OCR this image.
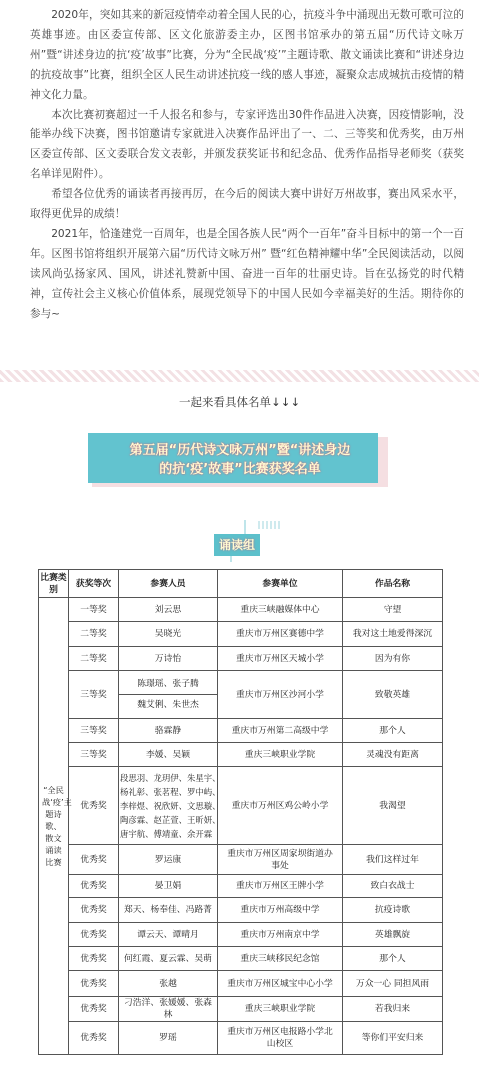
2020年，突如其来的新冠疫情牵动着全国人民的心，抗疫斗争中涌现出无数可歌可泣的英雄事迹。由区委宣传部、区文化旅游委主办，区图书馆承办的第五届“历代诗文咏万州”暨“讲述身边的抗‘疫’故事”比赛，分为“全民战‘疫’”主题诗歌、散文诵读比赛和“讲述身边的抗疫故事”比赛，组织全区人民生动讲述抗疫一线的感人事迹，凝聚众志成城抗击疫情的精神文化力量。

本次比赛初赛超过一千人报名和参与，专家评选出30件作品进入决赛，因疫情影响，没能举办线下决赛，图书馆邀请专家就进入决赛作品评出了一、二、三等奖和优秀奖，由万州区委宣传部、区文委联合发文表彰，并颁发获奖证书和纪念品、优秀作品指导老师奖（获奖名单详见附件）。

希望各位优秀的诵读者再接再厉，在今后的阅读大赛中讲好万州故事，赛出风采水平，取得更优异的成绩！

2021年，恰逢建党一百周年，也是全国各族人民“两个一百年”奋斗目标中的第一个一百年。区图书馆将组织开展第六届“历代诗文咏万州” 暨“红色精神耀中华”全民阅读活动，以阅读风尚弘扬家风、国风，讲述礼赞新中国、奋进一百年的壮丽史诗。旨在弘扬党的时代精神，宣传社会主义核心价值体系，展现党领导下的中国人民如今幸福美好的生活。期待你的参与~

一起来看具体名单↓↓↓
第五届“历代诗文咏万州”暨“讲述身边
的抗‘疫’故事”比赛获奖名单
诵读组
比赛类别	获奖等次	参赛人员	参赛单位	作品名称
“全民战‘疫’主题诗歌、散文诵读比赛	一等奖	刘云思	重庆三峡融媒体中心	守望
	二等奖	吴晓光	重庆市万州区赛德中学	我对这土地爱得深沉
	二等奖	万诗怡	重庆市万州区天城小学	因为有你
	三等奖	陈璟瑶、张子腾
魏艾俐、朱世杰	重庆市万州区沙河小学	致敬英雄
	三等奖	骆霖静	重庆市万州第二高级中学	那个人
	三等奖	李媛、吴颖	重庆三峡职业学院	灵魂没有距离
	优秀奖	段思羽、龙玥伊、朱星宇、
杨礼彰、张茗程、罗中屿、
李梓煜、祝欣妍、文思璇、
陶彦霖、赵芷萱、王昕妍、
唐宇航、傅靖童、余开霖	重庆市万州区鸡公岭小学	我渴望
	优秀奖	罗运康	重庆市万州区周家坝街道办事处	我们这样过年
	优秀奖	晏卫娟	重庆市万州区王牌小学	致白衣战士
	优秀奖	郑天、杨奉佳、冯路菁	重庆市万州高级中学	抗疫诗歌
	优秀奖	谭云天、谭晴月	重庆市万州南京中学	英雄飘旋
	优秀奖	何红霞、夏云霖、吴萌	重庆三峡移民纪念馆	那个人
	优秀奖	张越	重庆市万州区城宝中心小学	万众一心 同担风雨
	优秀奖	刁浩洋、张媛媛、张森林	重庆三峡职业学院	若我归来
	优秀奖	罗瑶	重庆市万州区电报路小学北山校区	等你们平安归来
